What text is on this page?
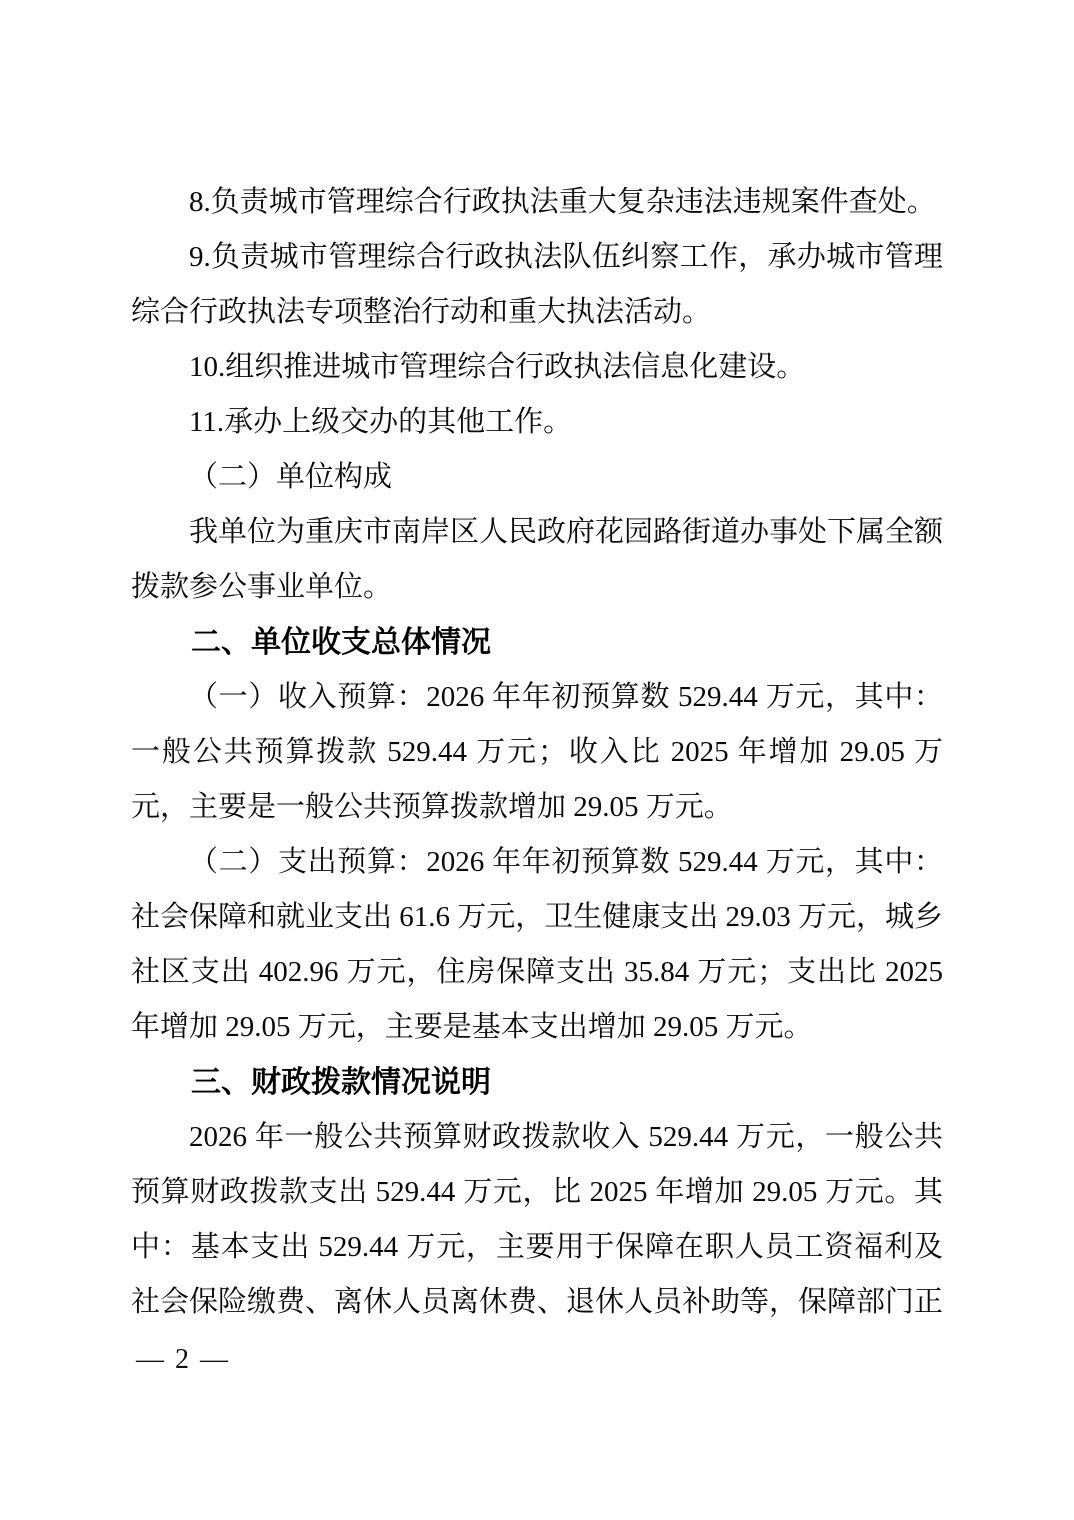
8.负责城市管理综合行政执法重大复杂违法违规案件查处。

9.负责城市管理综合行政执法队伍纠察工作，承办城市管理综合行政执法专项整治行动和重大执法活动。

10.组织推进城市管理综合行政执法信息化建设。

11.承办上级交办的其他工作。

（二）单位构成

我单位为重庆市南岸区人民政府花园路街道办事处下属全额拨款参公事业单位。

二、单位收支总体情况

（一）收入预算：2026 年年初预算数 529.44 万元，其中：一般公共预算拨款 529.44 万元；收入比 2025 年增加 29.05 万元，主要是一般公共预算拨款增加 29.05 万元。

（二）支出预算：2026 年年初预算数 529.44 万元，其中：社会保障和就业支出 61.6 万元，卫生健康支出 29.03 万元，城乡社区支出 402.96 万元，住房保障支出 35.84 万元；支出比 2025 年增加 29.05 万元，主要是基本支出增加 29.05 万元。

三、财政拨款情况说明

2026 年一般公共预算财政拨款收入 529.44 万元，一般公共预算财政拨款支出 529.44 万元，比 2025 年增加 29.05 万元。其中：基本支出 529.44 万元，主要用于保障在职人员工资福利及社会保险缴费、离休人员离休费、退休人员补助等，保障部门正

— 2 —
